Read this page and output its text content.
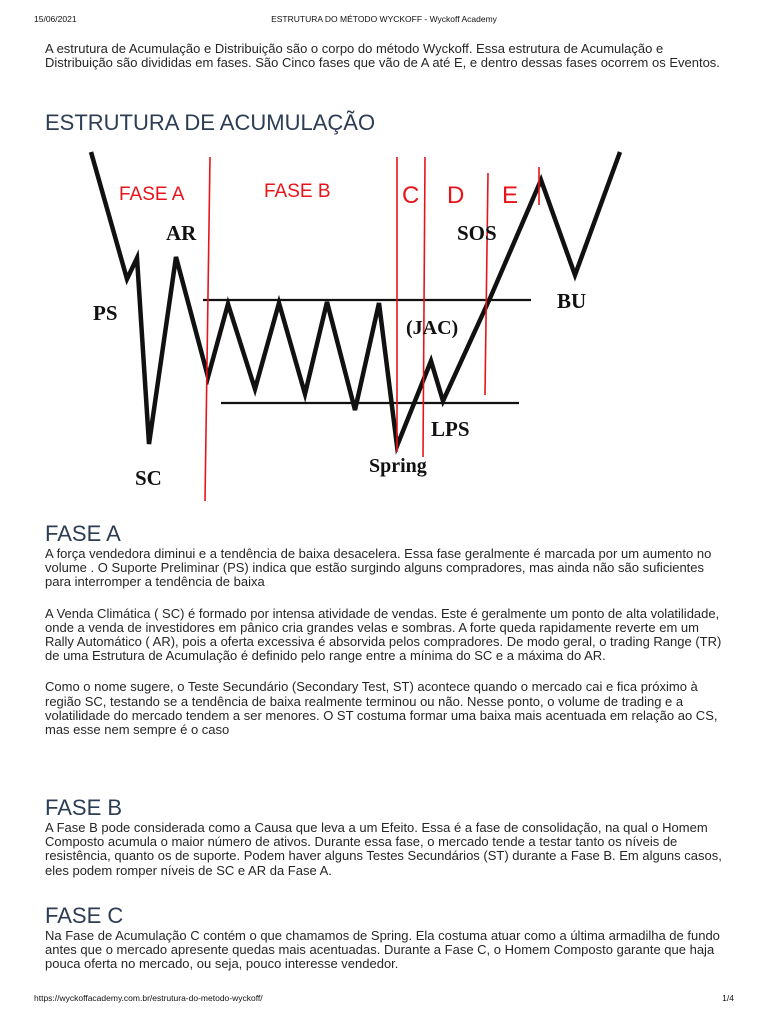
15/06/2021	ESTRUTURA DO MÉTODO WYCKOFF - Wyckoff Academy

A estrutura de Acumulação e Distribuição são o corpo do método Wyckoff. Essa estrutura de Acumulação e Distribuição são divididas em fases. São Cinco fases que vão de A até E, e dentro dessas fases ocorrem os Eventos.

ESTRUTURA DE ACUMULAÇÃO
FASE A	FASE B	C D E
AR
PS
SC
SOS
(JAC)
BU
LPS
Spring
FASE A

A força vendedora diminui e a tendência de baixa desacelera. Essa fase geralmente é marcada por um aumento no volume . O Suporte Preliminar (PS) indica que estão surgindo alguns compradores, mas ainda não são suficientes para interromper a tendência de baixa

A Venda Climática ( SC) é formado por intensa atividade de vendas. Este é geralmente um ponto de alta volatilidade, onde a venda de investidores em pânico cria grandes velas e sombras. A forte queda rapidamente reverte em um Rally Automático ( AR), pois a oferta excessiva é absorvida pelos compradores. De modo geral, o trading Range (TR) de uma Estrutura de Acumulação é definido pelo range entre a mínima do SC e a máxima do AR.

Como o nome sugere, o Teste Secundário (Secondary Test, ST) acontece quando o mercado cai e fica próximo à região SC, testando se a tendência de baixa realmente terminou ou não. Nesse ponto, o volume de trading e a volatilidade do mercado tendem a ser menores. O ST costuma formar uma baixa mais acentuada em relação ao CS, mas esse nem sempre é o caso

FASE B

A Fase B pode considerada como a Causa que leva a um Efeito. Essa é a fase de consolidação, na qual o Homem Composto acumula o maior número de ativos. Durante essa fase, o mercado tende a testar tanto os níveis de resistência, quanto os de suporte. Podem haver alguns Testes Secundários (ST) durante a Fase B. Em alguns casos, eles podem romper níveis de SC e AR da Fase A.

FASE C

Na Fase de Acumulação C contém o que chamamos de Spring. Ela costuma atuar como a última armadilha de fundo antes que o mercado apresente quedas mais acentuadas. Durante a Fase C, o Homem Composto garante que haja pouca oferta no mercado, ou seja, pouco interesse vendedor.

https://wyckoffacademy.com.br/estrutura-do-metodo-wyckoff/	1/4
